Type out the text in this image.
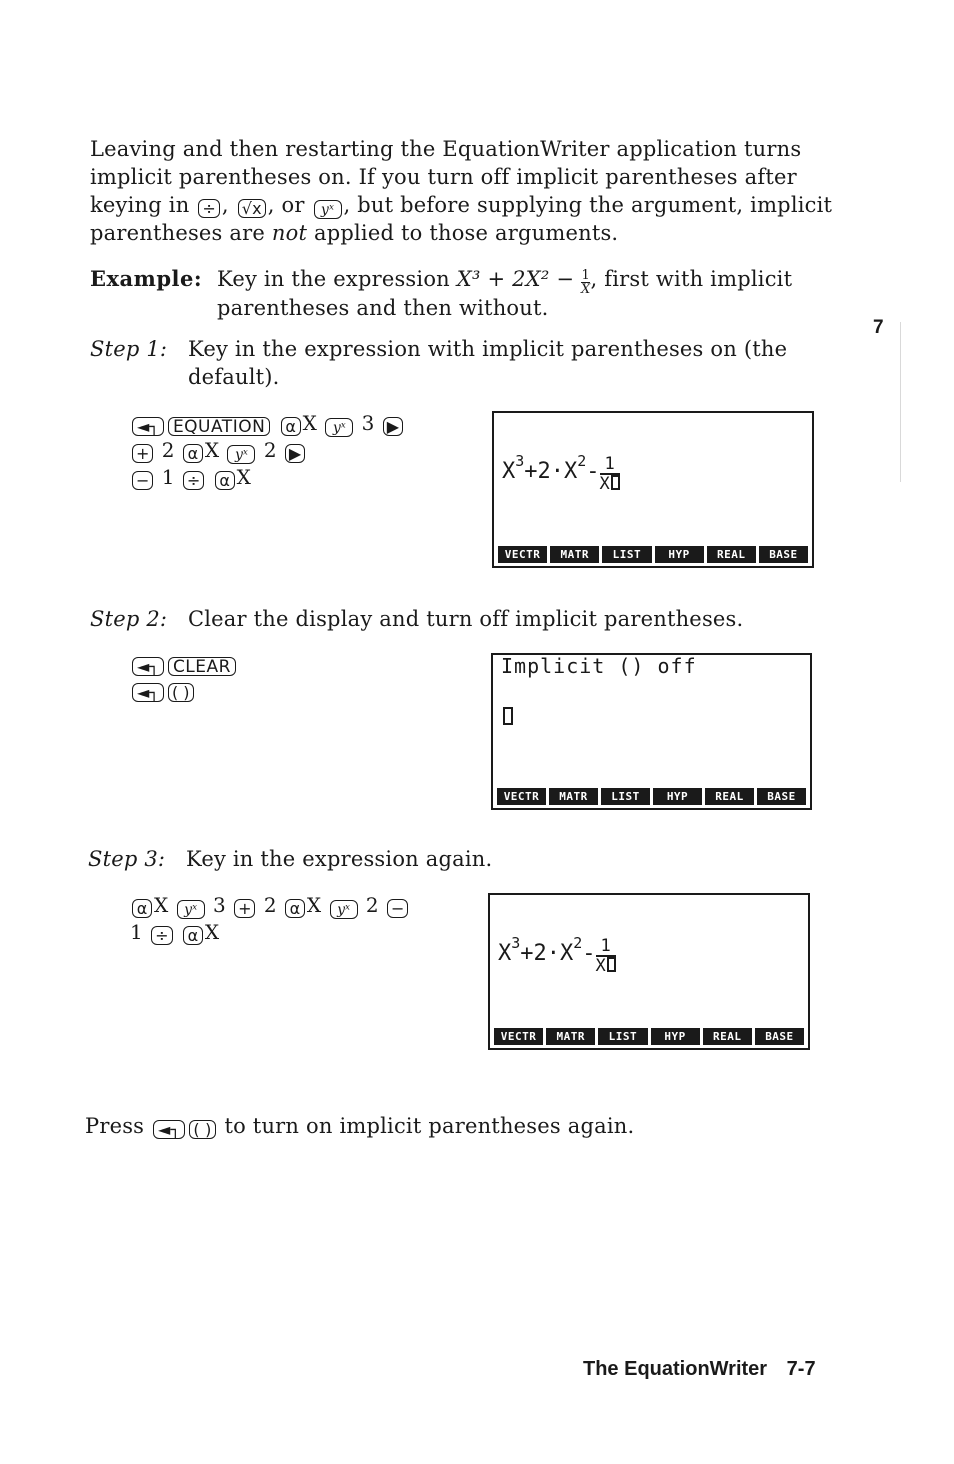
Leaving and then restarting the EquationWriter application turns
implicit parentheses on. If you turn off implicit parentheses after
keying in ÷ , √x , or yˣ , but before supplying the argument, implicit
parentheses are not applied to those arguments.
Example: Key in the expression $X^3 + 2X^2 - \frac{1}{X}$ , first with implicit
parentheses and then without.
7
Step 1: Key in the expression with implicit parentheses on (the
default).
◄┐ EQUATION α X yˣ 3 ▶
+ 2 α X yˣ 2 ▶
− 1 ÷ α X	$X^3+2\cdot X^2- \frac{1}{X}$
VECTR	MATR	LIST	HYP	REAL	BASE
Step 2: Clear the display and turn off implicit parentheses.
◄┐ CLEAR
◄┐ ( )
Implicit () off
VECTR	MATR	LIST	HYP	REAL	BASE
Step 3: Key in the expression again.
α X yˣ 3 + 2 α X yˣ 2 −
1 ÷ α X
$X^3+2\cdot X^2- \frac{1}{X}$
VECTR	MATR	LIST	HYP	REAL	BASE
Press ◄┐ ( ) to turn on implicit parentheses again.
The EquationWriter 7-7
